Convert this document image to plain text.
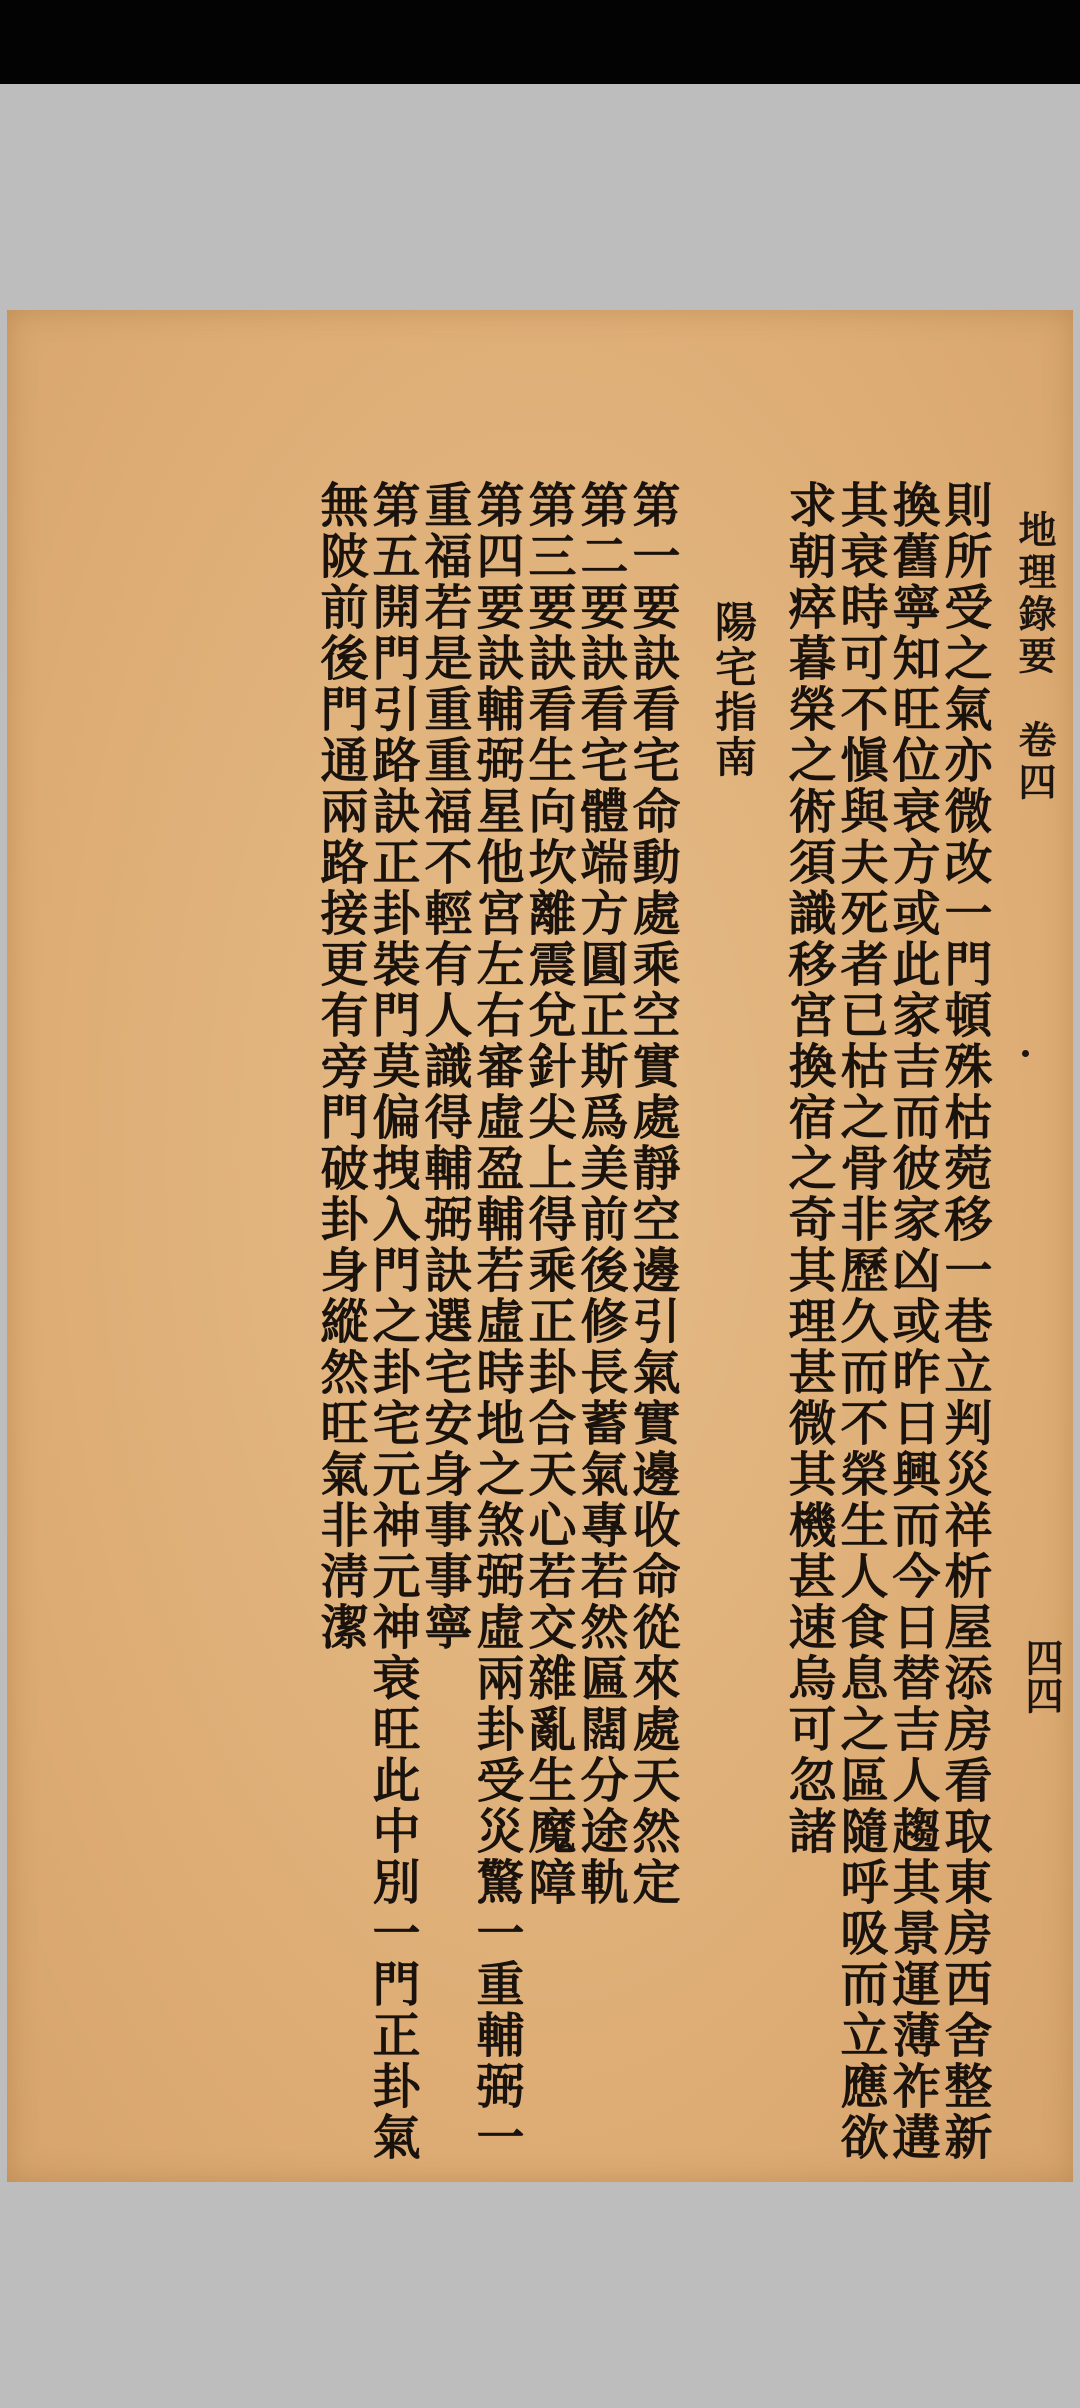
地理錄要　卷四
四四
則所受之氣亦微改一門頓殊枯菀移一巷立判災祥析屋添房看取東房西舍整新
換舊寧知旺位衰方或此家吉而彼家凶或昨日興而今日替吉人趨其景運薄祚遘
其衰時可不愼與夫死者已枯之骨非歷久而不榮生人食息之區隨呼吸而立應欲
求朝瘁暮榮之術須識移宮換宿之奇其理甚微其機甚速烏可忽諸
陽宅指南
第一要訣看宅命動處乘空實處靜空邊引氣實邊收命從來處天然定
第二要訣看宅體端方圓正斯爲美前後修長蓄氣專若然匾闊分途軌
第三要訣看生向坎離震兌針尖上得乘正卦合天心若交雜亂生魔障
第四要訣輔弼星他宮左右審虛盈輔若虛時地之煞弼虛兩卦受災驚一重輔弼一
重福若是重重福不輕有人識得輔弼訣選宅安身事事寧
第五開門引路訣正卦裝門莫偏拽入門之卦宅元神元神衰旺此中別一門正卦氣
無陂前後門通兩路接更有旁門破卦身縱然旺氣非淸潔
